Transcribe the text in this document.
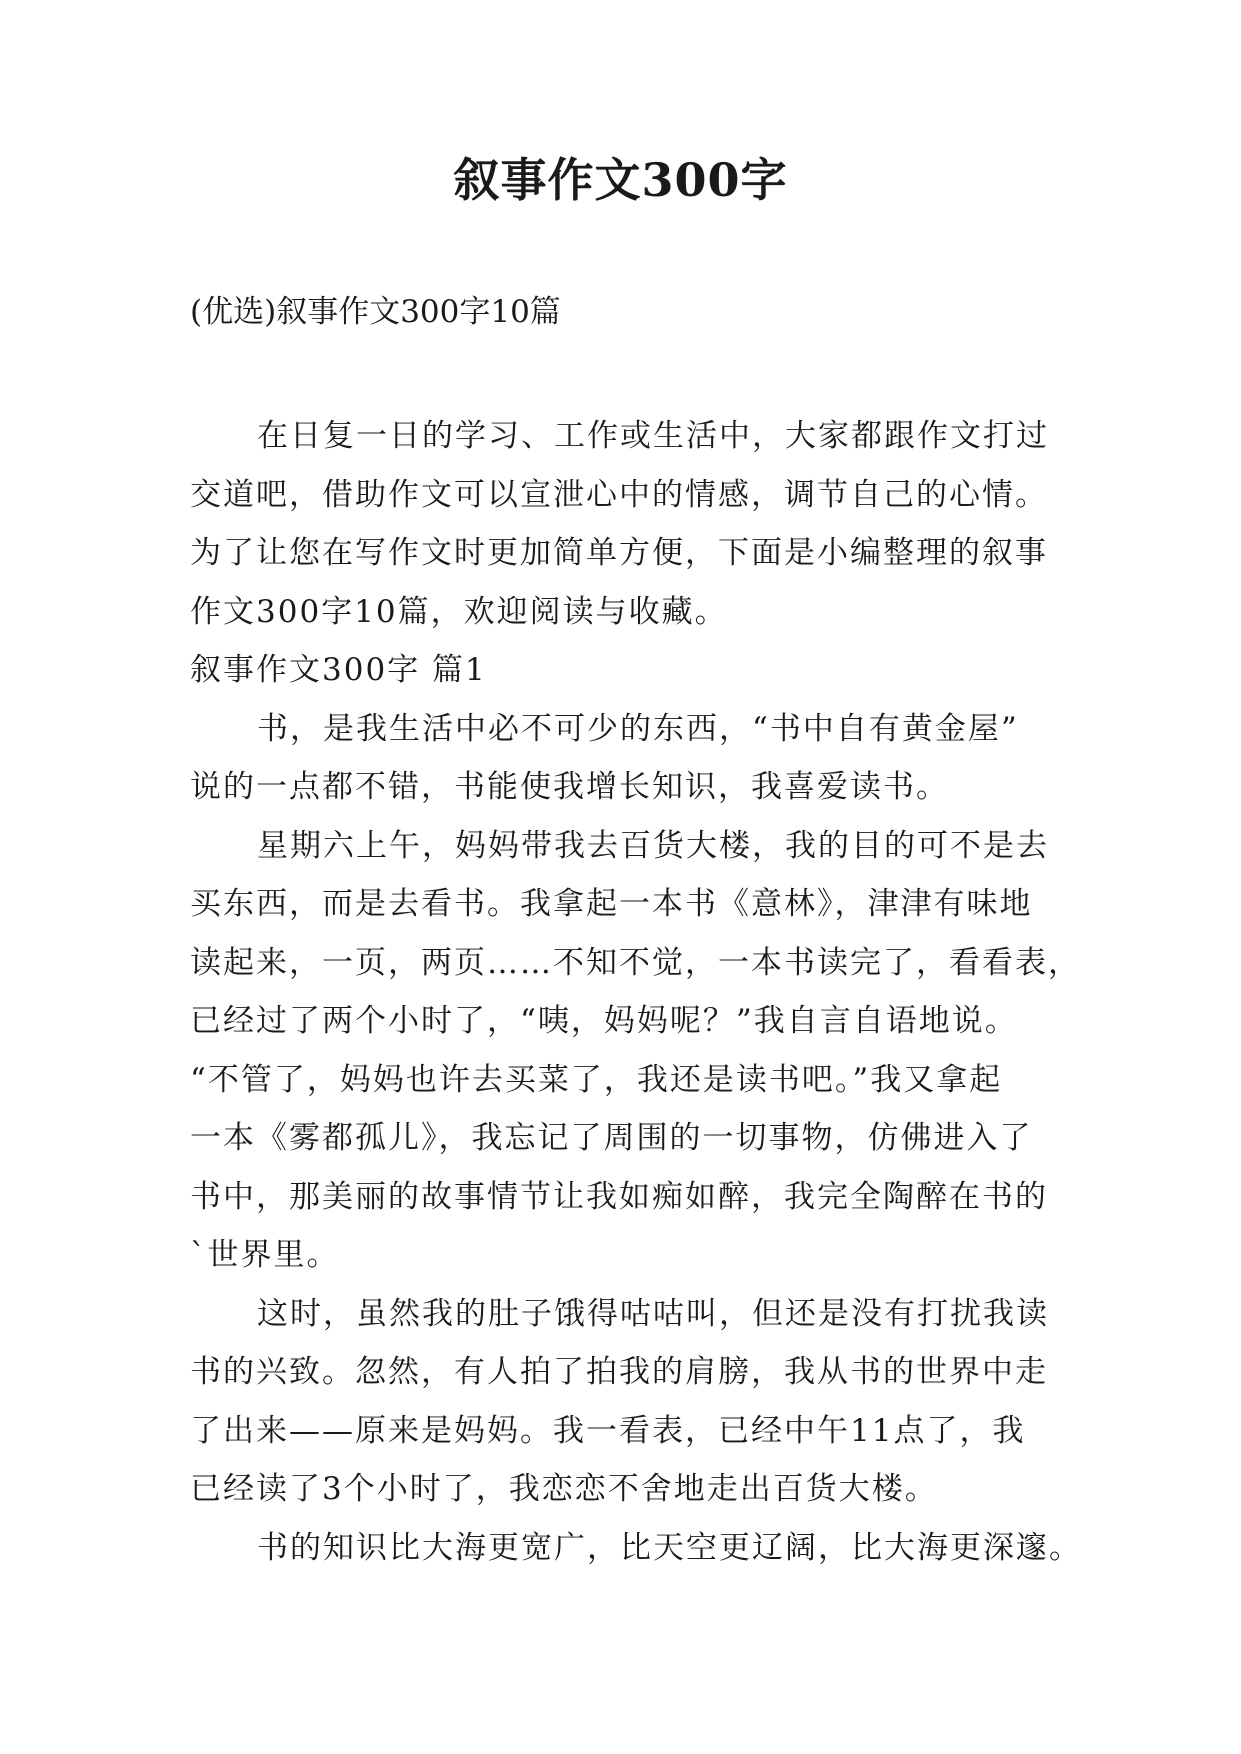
叙事作文300字
(优选)叙事作文300字10篇
在日复一日的学习、工作或生活中，大家都跟作文打过
交道吧，借助作文可以宣泄心中的情感，调节自己的心情。
为了让您在写作文时更加简单方便，下面是小编整理的叙事
作文300字10篇，欢迎阅读与收藏。
叙事作文300字 篇1
书，是我生活中必不可少的东西，“书中自有黄金屋”
说的一点都不错，书能使我增长知识，我喜爱读书。
星期六上午，妈妈带我去百货大楼，我的目的可不是去
买东西，而是去看书。我拿起一本书《意林》，津津有味地
读起来，一页，两页……不知不觉，一本书读完了，看看表，
已经过了两个小时了，“咦，妈妈呢？”我自言自语地说。
“不管了，妈妈也许去买菜了，我还是读书吧。”我又拿起
一本《雾都孤儿》，我忘记了周围的一切事物，仿佛进入了
书中，那美丽的故事情节让我如痴如醉，我完全陶醉在书的
`世界里。
这时，虽然我的肚子饿得咕咕叫，但还是没有打扰我读
书的兴致。忽然，有人拍了拍我的肩膀，我从书的世界中走
了出来——原来是妈妈。我一看表，已经中午11点了，我
已经读了3个小时了，我恋恋不舍地走出百货大楼。
书的知识比大海更宽广，比天空更辽阔，比大海更深邃。
